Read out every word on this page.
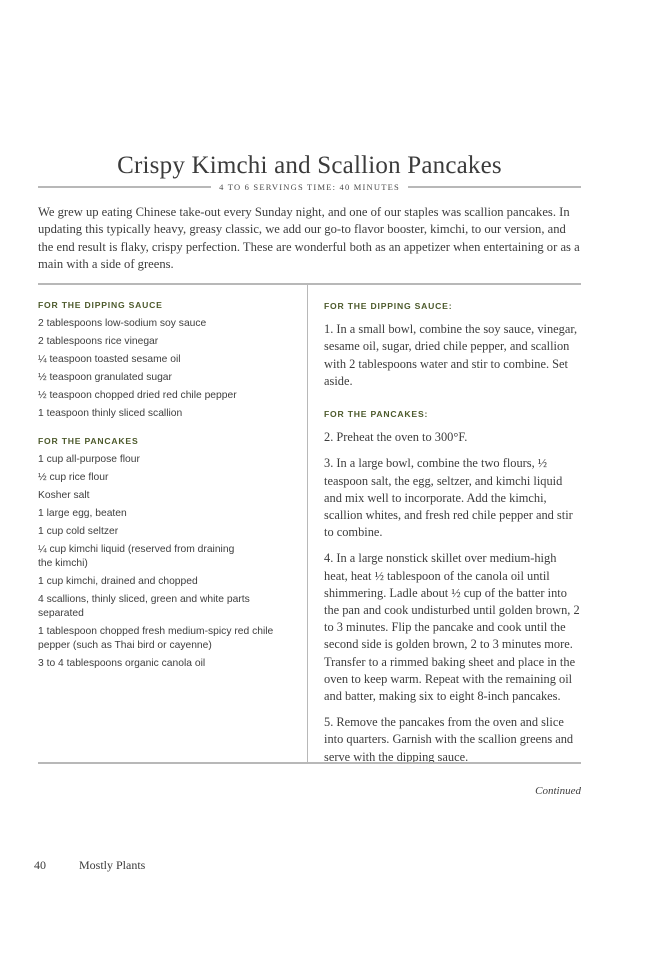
Crispy Kimchi and Scallion Pancakes
4 TO 6 SERVINGS TIME: 40 MINUTES

We grew up eating Chinese take-out every Sunday night, and one of our staples was scallion pancakes. In updating this typically heavy, greasy classic, we add our go-to flavor booster, kimchi, to our version, and the end result is flaky, crispy perfection. These are wonderful both as an appetizer when entertaining or as a main with a side of greens.

FOR THE DIPPING SAUCE
2 tablespoons low-sodium soy sauce
2 tablespoons rice vinegar
¼ teaspoon toasted sesame oil
½ teaspoon granulated sugar
½ teaspoon chopped dried red chile pepper
1 teaspoon thinly sliced scallion
FOR THE PANCAKES
1 cup all-purpose flour
½ cup rice flour
Kosher salt
1 large egg, beaten
1 cup cold seltzer
¼ cup kimchi liquid (reserved from draining the kimchi)
1 cup kimchi, drained and chopped
4 scallions, thinly sliced, green and white parts separated
1 tablespoon chopped fresh medium-spicy red chile pepper (such as Thai bird or cayenne)
3 to 4 tablespoons organic canola oil
FOR THE DIPPING SAUCE:

1. In a small bowl, combine the soy sauce, vinegar, sesame oil, sugar, dried chile pepper, and scallion with 2 tablespoons water and stir to combine. Set aside.

FOR THE PANCAKES:

2. Preheat the oven to 300°F.

3. In a large bowl, combine the two flours, ½ teaspoon salt, the egg, seltzer, and kimchi liquid and mix well to incorporate. Add the kimchi, scallion whites, and fresh red chile pepper and stir to combine.

4. In a large nonstick skillet over medium-high heat, heat ½ tablespoon of the canola oil until shimmering. Ladle about ½ cup of the batter into the pan and cook undisturbed until golden brown, 2 to 3 minutes. Flip the pancake and cook until the second side is golden brown, 2 to 3 minutes more. Transfer to a rimmed baking sheet and place in the oven to keep warm. Repeat with the remaining oil and batter, making six to eight 8-inch pancakes.

5. Remove the pancakes from the oven and slice into quarters. Garnish with the scallion greens and serve with the dipping sauce.

Continued
40	Mostly Plants
